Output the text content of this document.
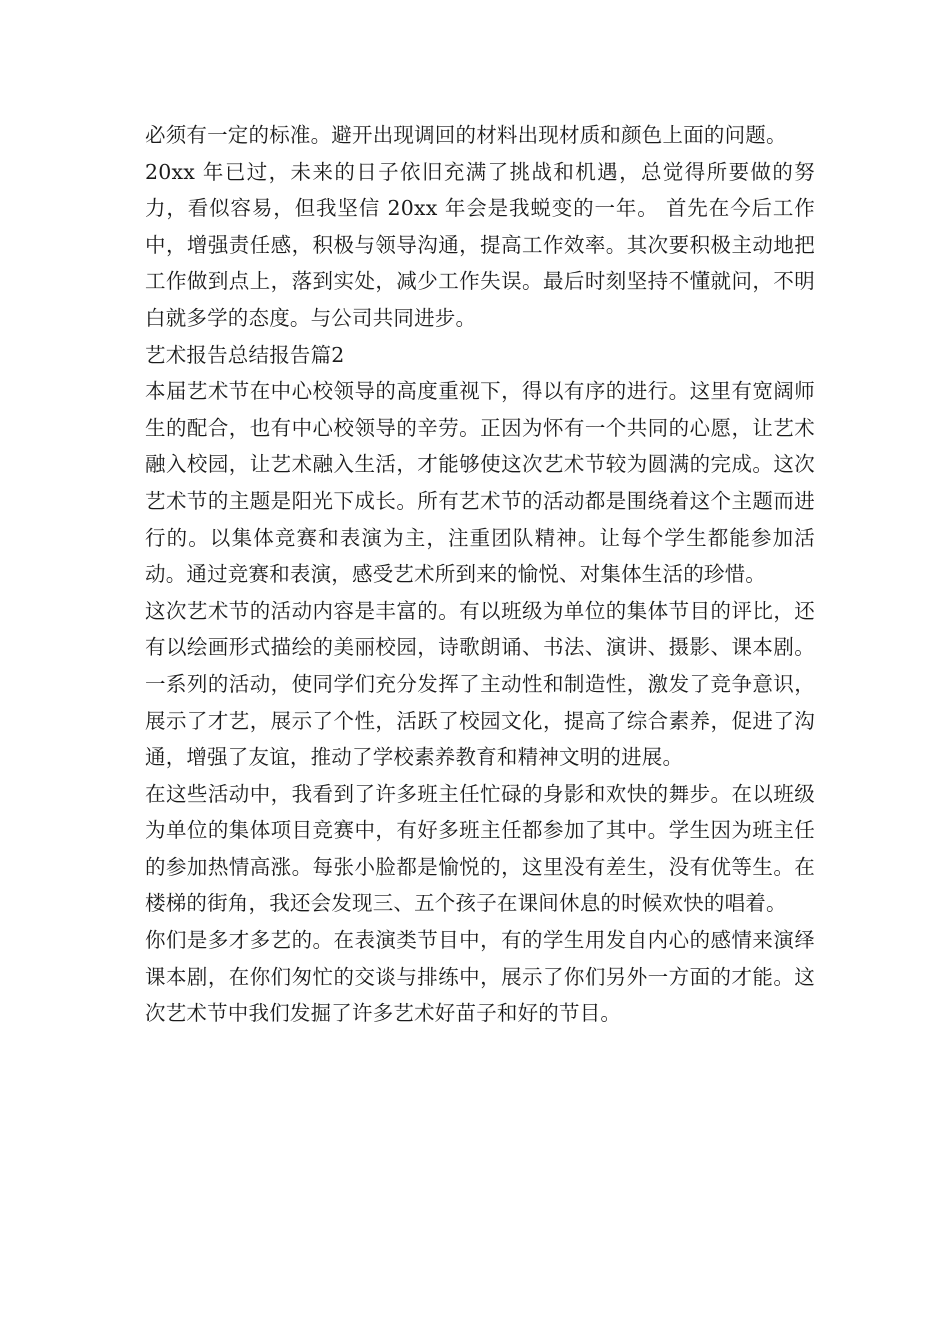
必须有一定的标准。避开出现调回的材料出现材质和颜色上面的问题。

20xx 年已过，未来的日子依旧充满了挑战和机遇，总觉得所要做的努力，看似容易，但我坚信 20xx 年会是我蜕变的一年。 首先在今后工作中，增强责任感，积极与领导沟通，提高工作效率。其次要积极主动地把工作做到点上，落到实处，减少工作失误。最后时刻坚持不懂就问，不明白就多学的态度。与公司共同进步。

艺术报告总结报告篇2

本届艺术节在中心校领导的高度重视下，得以有序的进行。这里有宽阔师生的配合，也有中心校领导的辛劳。正因为怀有一个共同的心愿，让艺术融入校园，让艺术融入生活，才能够使这次艺术节较为圆满的完成。这次艺术节的主题是阳光下成长。所有艺术节的活动都是围绕着这个主题而进行的。以集体竞赛和表演为主，注重团队精神。让每个学生都能参加活动。通过竞赛和表演，感受艺术所到来的愉悦、对集体生活的珍惜。

这次艺术节的活动内容是丰富的。有以班级为单位的集体节目的评比，还有以绘画形式描绘的美丽校园，诗歌朗诵、书法、演讲、摄影、课本剧。一系列的活动，使同学们充分发挥了主动性和制造性，激发了竞争意识，展示了才艺，展示了个性，活跃了校园文化，提高了综合素养，促进了沟通，增强了友谊，推动了学校素养教育和精神文明的进展。

在这些活动中，我看到了许多班主任忙碌的身影和欢快的舞步。在以班级为单位的集体项目竞赛中，有好多班主任都参加了其中。学生因为班主任的参加热情高涨。每张小脸都是愉悦的，这里没有差生，没有优等生。在楼梯的街角，我还会发现三、五个孩子在课间休息的时候欢快的唱着。

你们是多才多艺的。在表演类节目中，有的学生用发自内心的感情来演绎课本剧，在你们匆忙的交谈与排练中，展示了你们另外一方面的才能。这次艺术节中我们发掘了许多艺术好苗子和好的节目。
